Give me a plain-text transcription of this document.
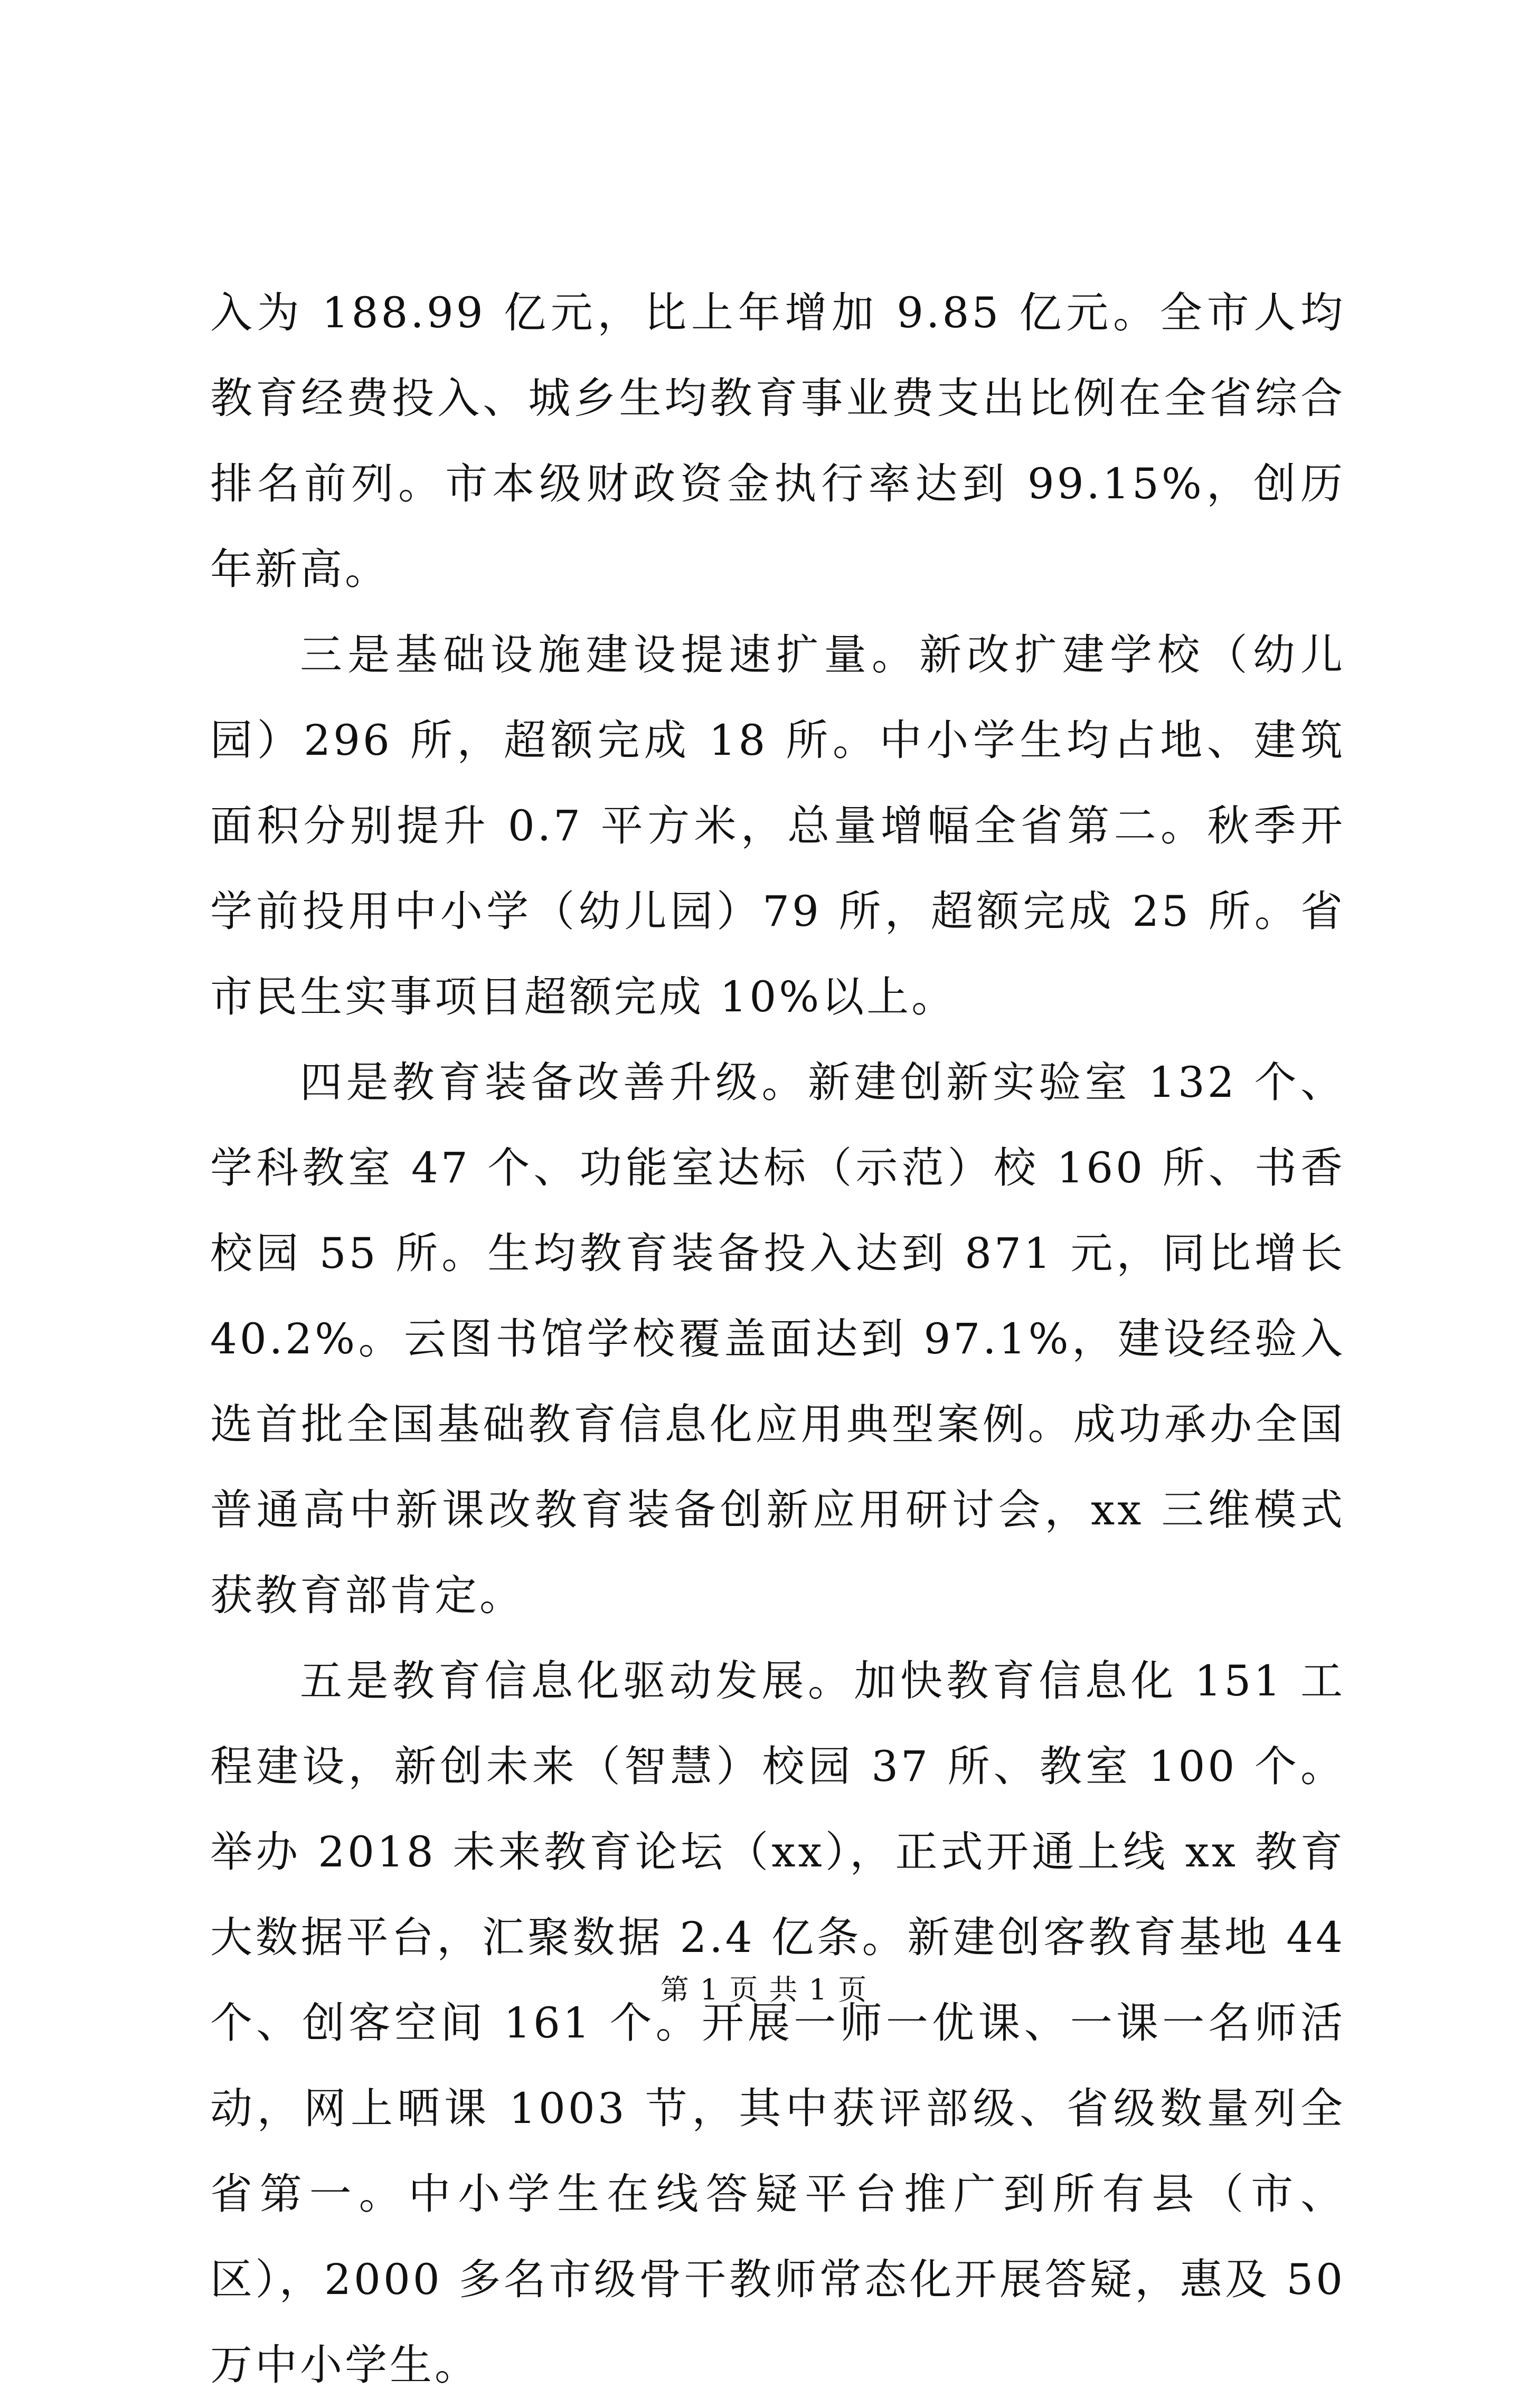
入为 188.99 亿元，比上年增加 9.85 亿元。全市人均教育经费投入、城乡生均教育事业费支出比例在全省综合排名前列。市本级财政资金执行率达到 99.15%，创历年新高。

三是基础设施建设提速扩量。新改扩建学校（幼儿园）296 所，超额完成 18 所。中小学生均占地、建筑面积分别提升 0.7 平方米，总量增幅全省第二。秋季开学前投用中小学（幼儿园）79 所，超额完成 25 所。省市民生实事项目超额完成 10%以上。

四是教育装备改善升级。新建创新实验室 132 个、学科教室 47 个、功能室达标（示范）校 160 所、书香校园 55 所。生均教育装备投入达到 871 元，同比增长 40.2%。云图书馆学校覆盖面达到 97.1%，建设经验入选首批全国基础教育信息化应用典型案例。成功承办全国普通高中新课改教育装备创新应用研讨会，xx 三维模式获教育部肯定。

五是教育信息化驱动发展。加快教育信息化 151 工程建设，新创未来（智慧）校园 37 所、教室 100 个。举办 2018 未来教育论坛（xx），正式开通上线 xx 教育大数据平台，汇聚数据 2.4 亿条。新建创客教育基地 44 个、创客空间 161 个。开展一师一优课、一课一名师活动，网上晒课 1003 节，其中获评部级、省级数量列全省第一。中小学生在线答疑平台推广到所有县（市、区），2000 多名市级骨干教师常态化开展答疑，惠及 50 万中小学生。

第 1 页 共 1 页
